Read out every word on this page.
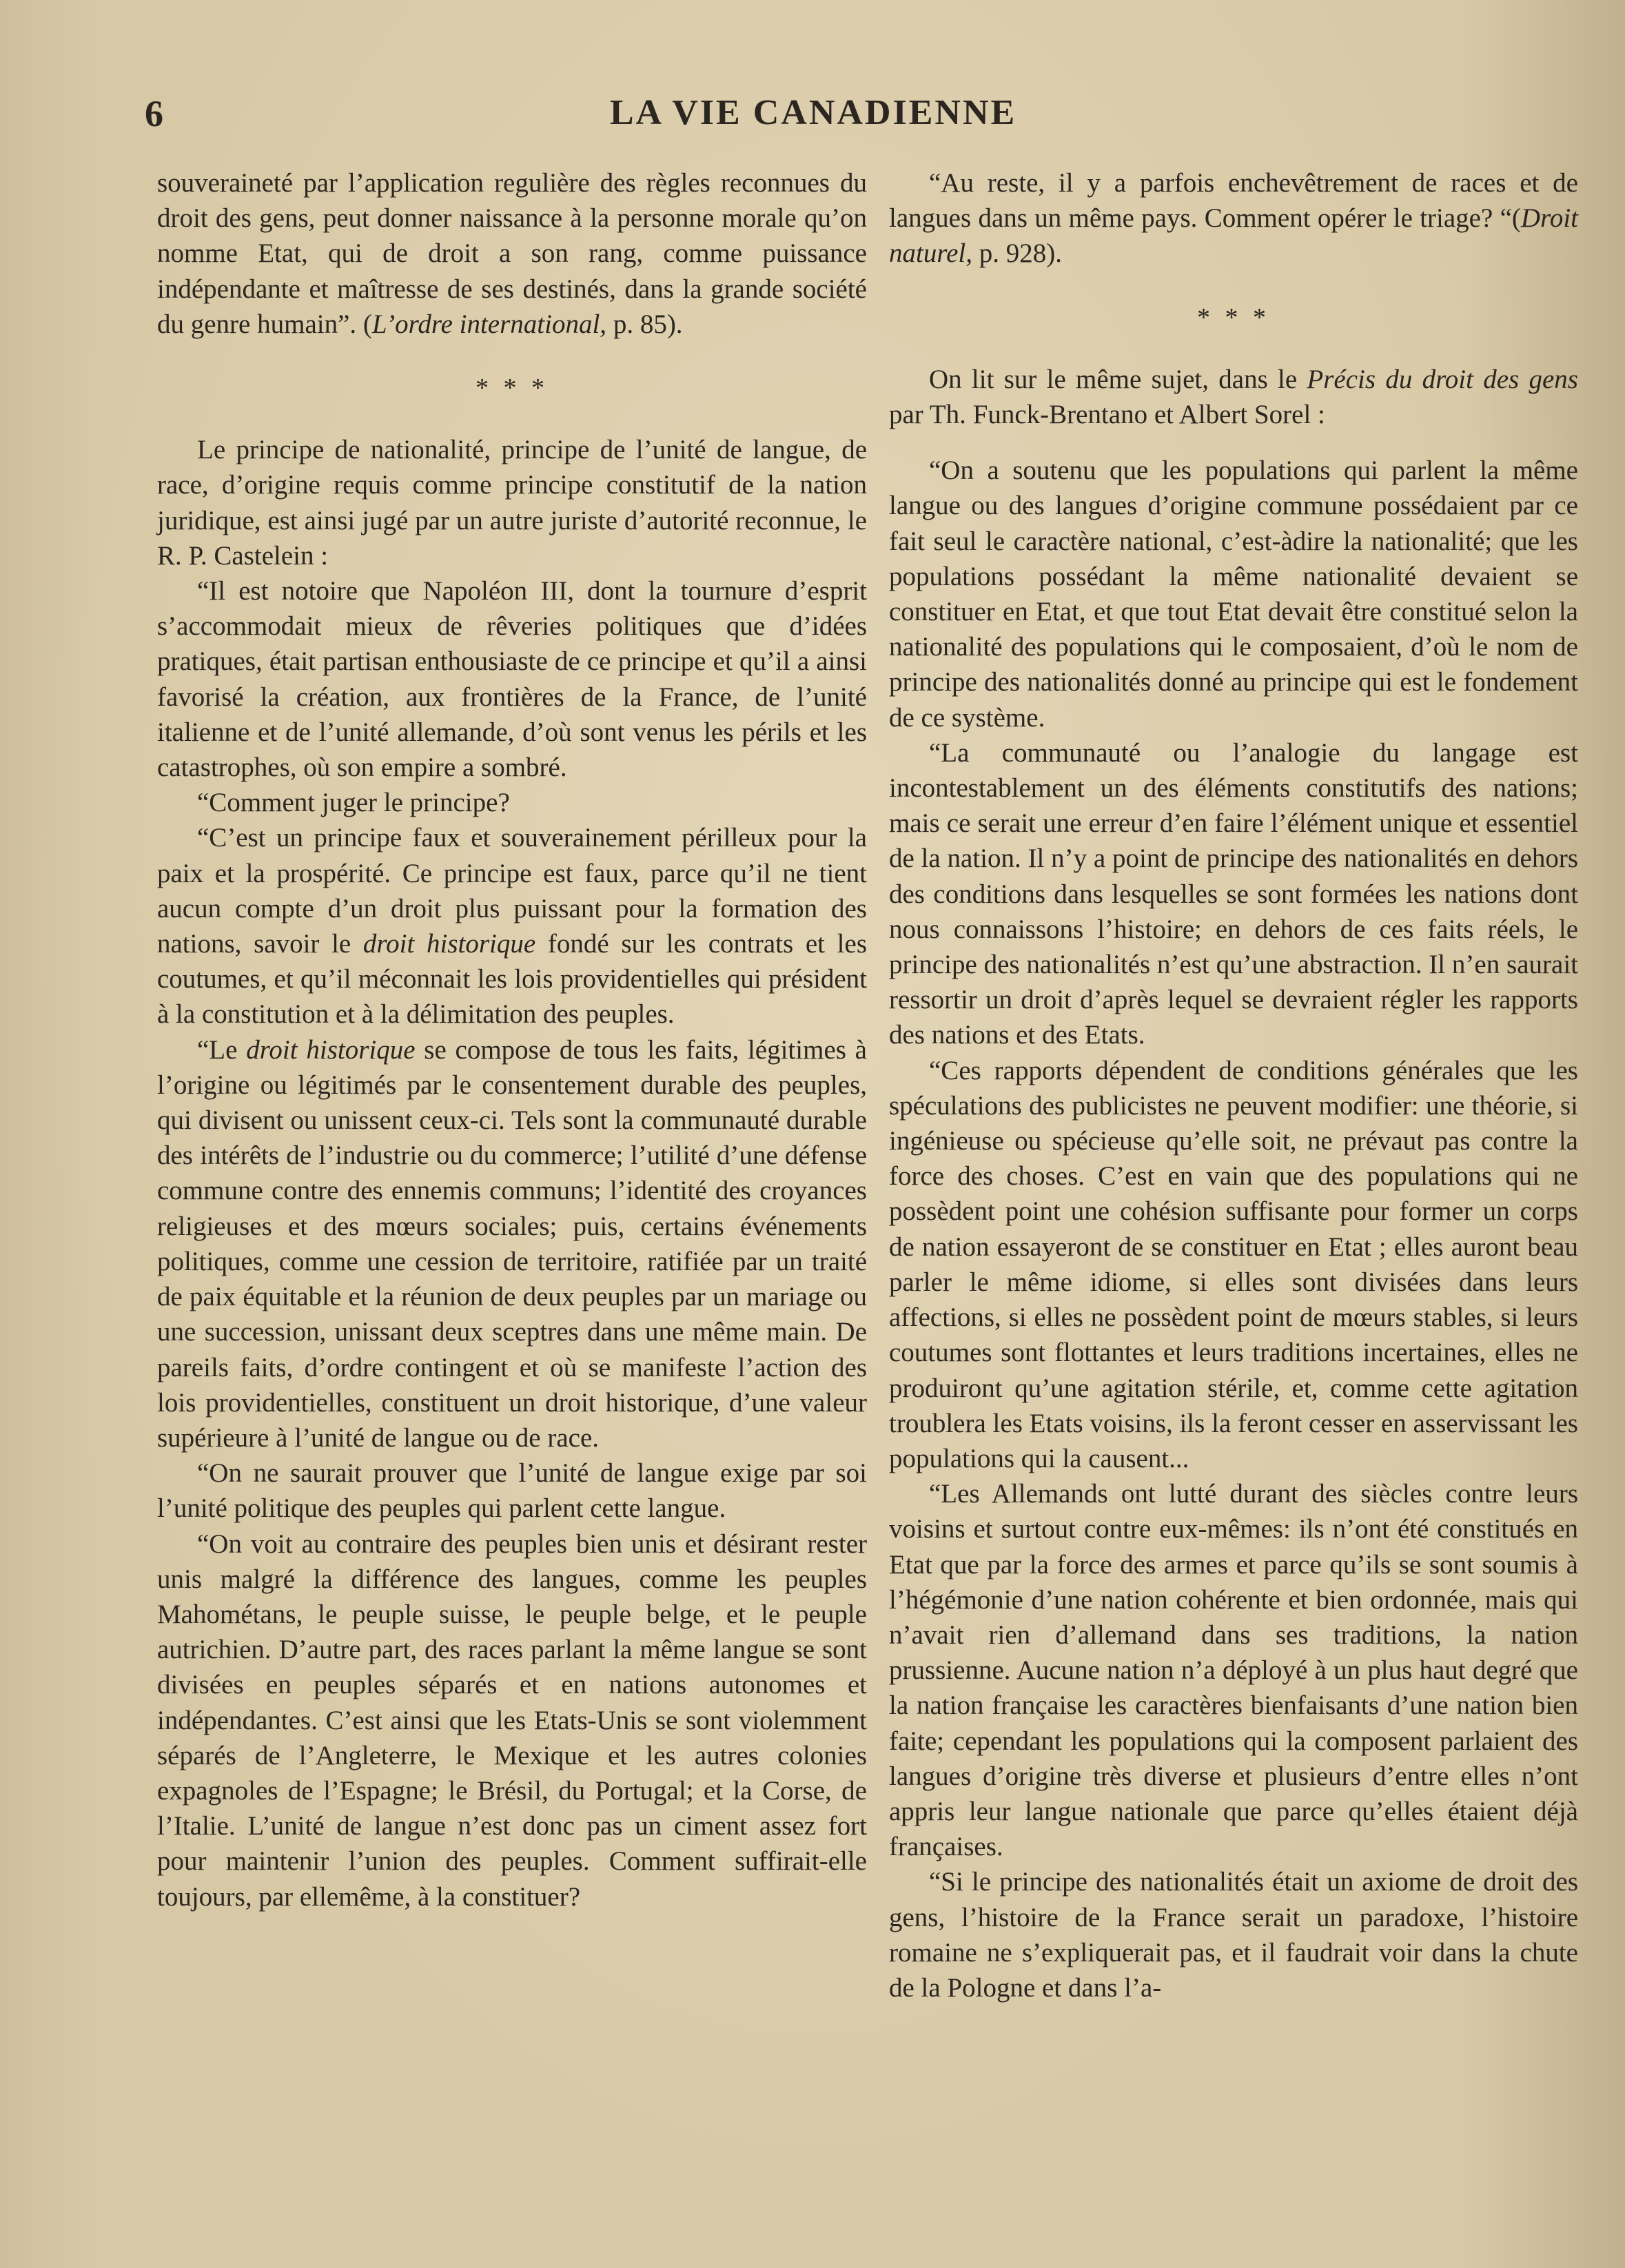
6	LA VIE CANADIENNE

souveraineté par l’application regulière des règles reconnues du droit des gens, peut donner naissance à la personne morale qu’on nomme Etat, qui de droit a son rang, comme puissance indépendante et maîtresse de ses destinés, dans la grande société du genre humain”. (L’ordre international, p. 85).

* * *

Le principe de nationalité, principe de l’unité de langue, de race, d’origine requis comme principe constitutif de la nation juridique, est ainsi jugé par un autre juriste d’autorité reconnue, le R. P. Castelein :

“Il est notoire que Napoléon III, dont la tournure d’esprit s’accommodait mieux de rêveries politiques que d’idées pratiques, était partisan enthousiaste de ce principe et qu’il a ainsi favorisé la création, aux frontières de la France, de l’unité italienne et de l’unité allemande, d’où sont venus les périls et les catastrophes, où son empire a sombré.

“Comment juger le principe?

“C’est un principe faux et souverainement périlleux pour la paix et la prospérité. Ce principe est faux, parce qu’il ne tient aucun compte d’un droit plus puissant pour la formation des nations, savoir le droit historique fondé sur les contrats et les coutumes, et qu’il méconnait les lois providentielles qui président à la constitution et à la délimitation des peuples.

“Le droit historique se compose de tous les faits, légitimes à l’origine ou légitimés par le consentement durable des peuples, qui divisent ou unissent ceux-ci. Tels sont la communauté durable des intérêts de l’industrie ou du commerce; l’utilité d’une défense commune contre des ennemis communs; l’identité des croyances religieuses et des mœurs sociales; puis, certains événements politiques, comme une cession de territoire, ratifiée par un traité de paix équitable et la réunion de deux peuples par un mariage ou une succession, unissant deux sceptres dans une même main. De pareils faits, d’ordre contingent et où se manifeste l’action des lois providentielles, constituent un droit historique, d’une valeur supérieure à l’unité de langue ou de race.

“On ne saurait prouver que l’unité de langue exige par soi l’unité politique des peuples qui parlent cette langue.

“On voit au contraire des peuples bien unis et désirant rester unis malgré la différence des langues, comme les peuples Mahométans, le peuple suisse, le peuple belge, et le peuple autrichien. D’autre part, des races parlant la même langue se sont divisées en peuples séparés et en nations autonomes et indépendantes. C’est ainsi que les Etats-Unis se sont violemment séparés de l’Angleterre, le Mexique et les autres colonies expagnoles de l’Espagne; le Brésil, du Portugal; et la Corse, de l’Italie. L’unité de langue n’est donc pas un ciment assez fort pour maintenir l’union des peuples. Comment suffirait-elle toujours, par ellemême, à la constituer?

“Au reste, il y a parfois enchevêtrement de races et de langues dans un même pays. Comment opérer le triage? “(Droit naturel, p. 928).

* * *

On lit sur le même sujet, dans le Précis du droit des gens par Th. Funck-Brentano et Albert Sorel :

“On a soutenu que les populations qui parlent la même langue ou des langues d’origine commune possédaient par ce fait seul le caractère national, c’est-àdire la nationalité; que les populations possédant la même nationalité devaient se constituer en Etat, et que tout Etat devait être constitué selon la nationalité des populations qui le composaient, d’où le nom de principe des nationalités donné au principe qui est le fondement de ce système.

“La communauté ou l’analogie du langage est incontestablement un des éléments constitutifs des nations; mais ce serait une erreur d’en faire l’élément unique et essentiel de la nation. Il n’y a point de principe des nationalités en dehors des conditions dans lesquelles se sont formées les nations dont nous connaissons l’histoire; en dehors de ces faits réels, le principe des nationalités n’est qu’une abstraction. Il n’en saurait ressortir un droit d’après lequel se devraient régler les rapports des nations et des Etats.

“Ces rapports dépendent de conditions générales que les spéculations des publicistes ne peuvent modifier: une théorie, si ingénieuse ou spécieuse qu’elle soit, ne prévaut pas contre la force des choses. C’est en vain que des populations qui ne possèdent point une cohésion suffisante pour former un corps de nation essayeront de se constituer en Etat ; elles auront beau parler le même idiome, si elles sont divisées dans leurs affections, si elles ne possèdent point de mœurs stables, si leurs coutumes sont flottantes et leurs traditions incertaines, elles ne produiront qu’une agitation stérile, et, comme cette agitation troublera les Etats voisins, ils la feront cesser en asservissant les populations qui la causent...

“Les Allemands ont lutté durant des siècles contre leurs voisins et surtout contre eux-mêmes: ils n’ont été constitués en Etat que par la force des armes et parce qu’ils se sont soumis à l’hégémonie d’une nation cohérente et bien ordonnée, mais qui n’avait rien d’allemand dans ses traditions, la nation prussienne. Aucune nation n’a déployé à un plus haut degré que la nation française les caractères bienfaisants d’une nation bien faite; cependant les populations qui la composent parlaient des langues d’origine très diverse et plusieurs d’entre elles n’ont appris leur langue nationale que parce qu’elles étaient déjà françaises.

“Si le principe des nationalités était un axiome de droit des gens, l’histoire de la France serait un paradoxe, l’histoire romaine ne s’expliquerait pas, et il faudrait voir dans la chute de la Pologne et dans l’a-
